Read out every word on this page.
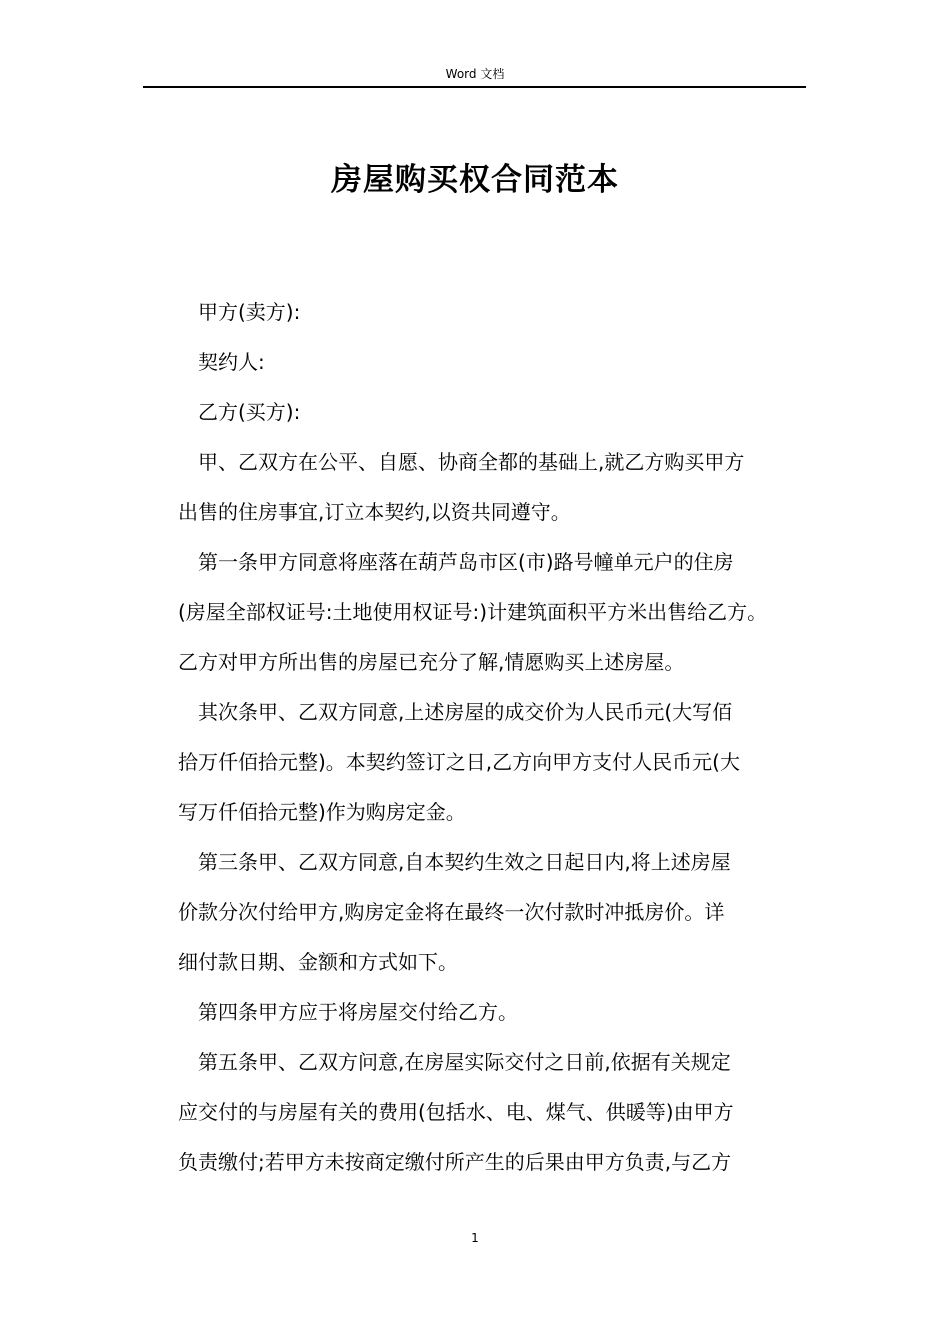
Word 文档
房屋购买权合同范本
甲方(卖方):
契约人:
乙方(买方):
甲、乙双方在公平、自愿、协商全都的基础上,就乙方购买甲方
出售的住房事宜,订立本契约,以资共同遵守。
第一条甲方同意将座落在葫芦岛市区(市)路号幢单元户的住房
(房屋全部权证号:土地使用权证号:)计建筑面积平方米出售给乙方。
乙方对甲方所出售的房屋已充分了解,情愿购买上述房屋。
其次条甲、乙双方同意,上述房屋的成交价为人民币元(大写佰
拾万仟佰拾元整)。本契约签订之日,乙方向甲方支付人民币元(大
写万仟佰拾元整)作为购房定金。
第三条甲、乙双方同意,自本契约生效之日起日内,将上述房屋
价款分次付给甲方,购房定金将在最终一次付款时冲抵房价。详
细付款日期、金额和方式如下。
第四条甲方应于将房屋交付给乙方。
第五条甲、乙双方问意,在房屋实际交付之日前,依据有关规定
应交付的与房屋有关的费用(包括水、电、煤气、供暖等)由甲方
负责缴付;若甲方未按商定缴付所产生的后果由甲方负责,与乙方
1
